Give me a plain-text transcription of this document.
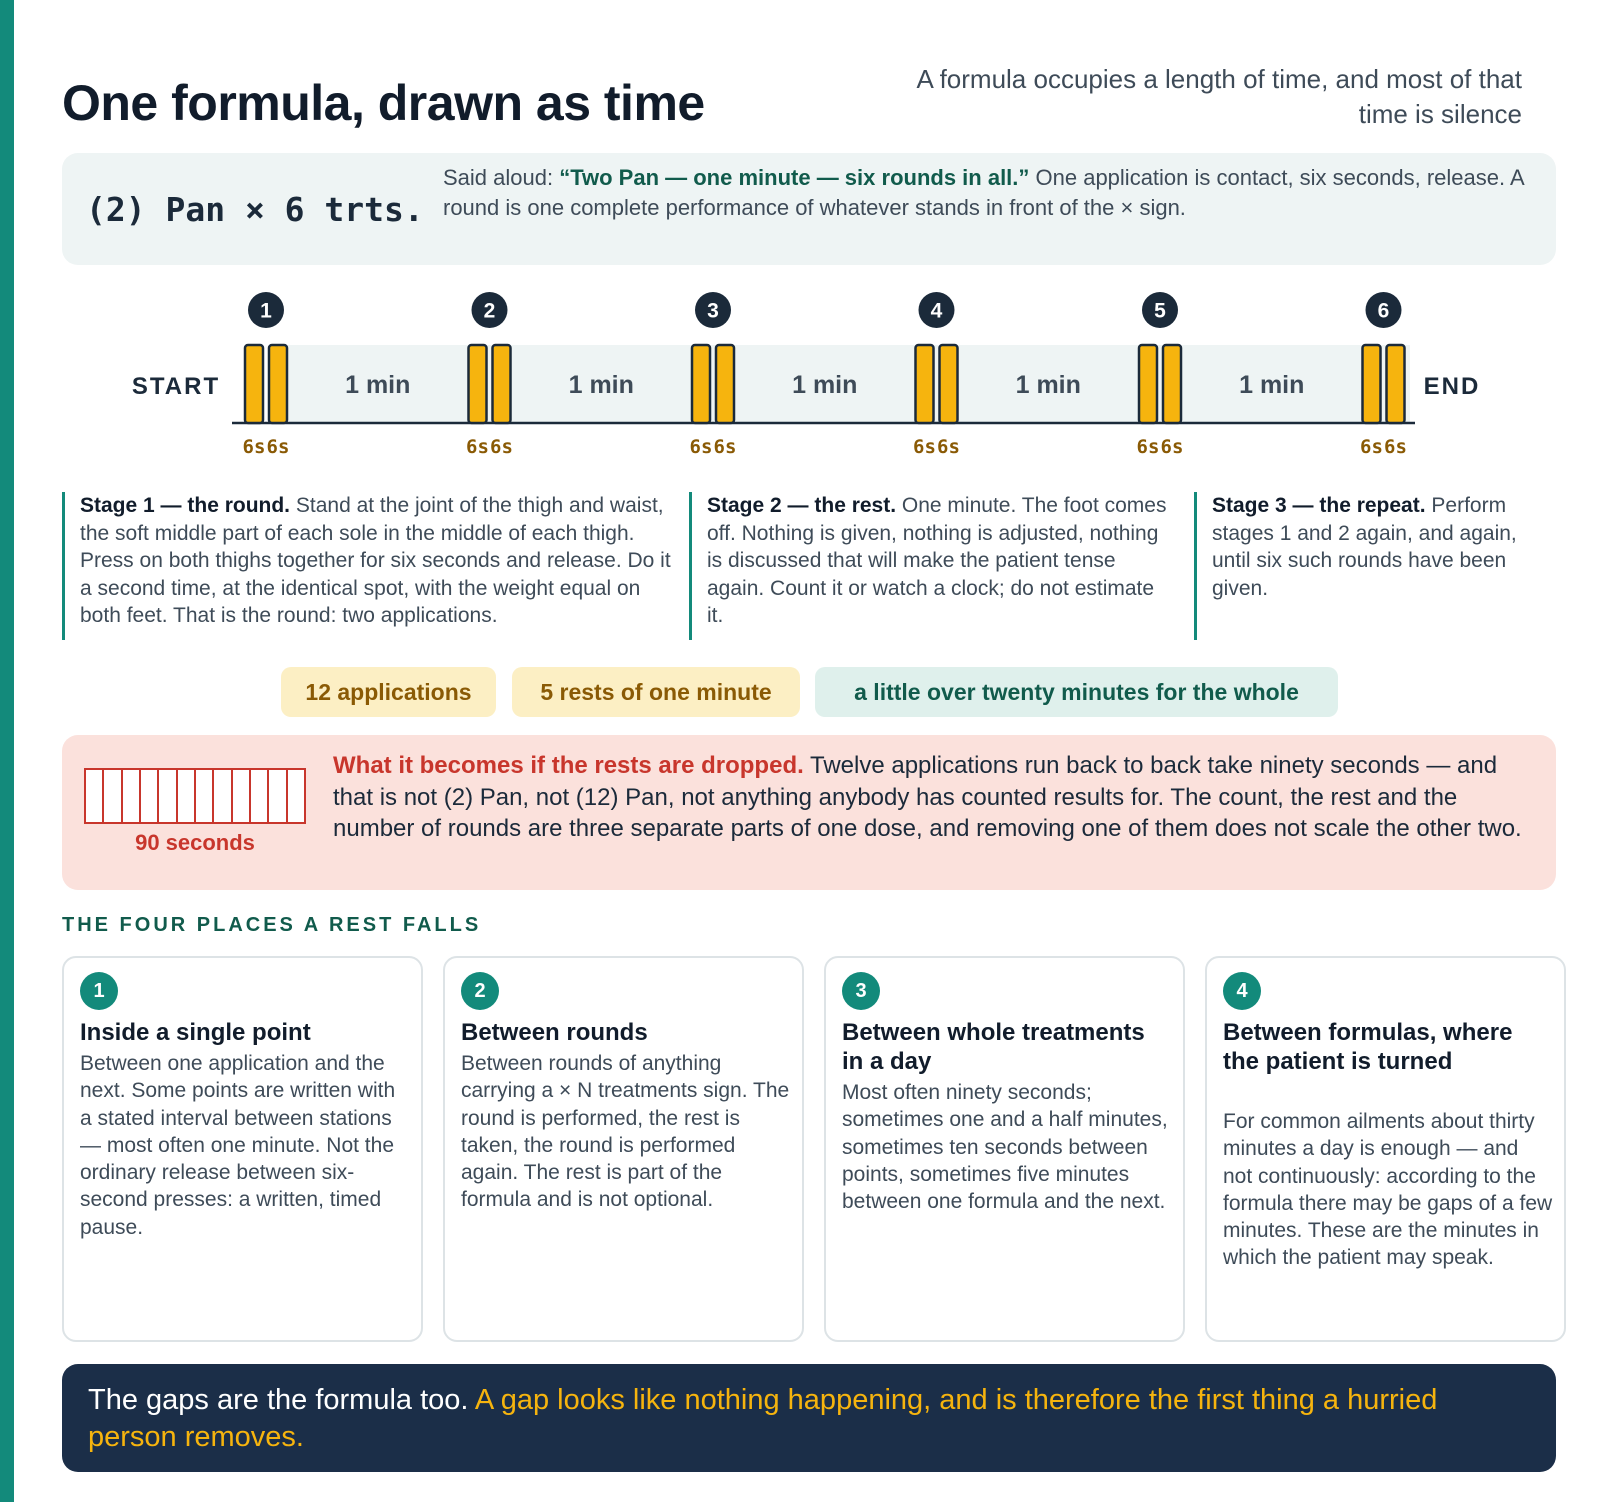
One formula, drawn as time	A formula occupies a length of time, and most of that time is silence
(2) Pan × 6 trts.
Said aloud: “Two Pan — one minute — six rounds in all.” One application is contact, six seconds, release. A round is one complete performance of whatever stands in front of the × sign.
START	END
1
6s 6s
1 min
2
6s 6s
1 min
3
6s 6s
1 min
4
6s 6s
1 min
5
6s 6s
1 min
6
6s 6s
Stage 1 — the round. Stand at the joint of the thigh and waist, the soft middle part of each sole in the middle of each thigh. Press on both thighs together for six seconds and release. Do it a second time, at the identical spot, with the weight equal on both feet. That is the round: two applications.
Stage 2 — the rest. One minute. The foot comes off. Nothing is given, nothing is adjusted, nothing is discussed that will make the patient tense again. Count it or watch a clock; do not estimate it.
Stage 3 — the repeat. Perform stages 1 and 2 again, and again, until six such rounds have been given.
12 applications	5 rests of one minute	a little over twenty minutes for the whole
90 seconds
What it becomes if the rests are dropped. Twelve applications run back to back take ninety seconds — and that is not (2) Pan, not (12) Pan, not anything anybody has counted results for. The count, the rest and the number of rounds are three separate parts of one dose, and removing one of them does not scale the other two.
THE FOUR PLACES A REST FALLS
1
Inside a single point
Between one application and the next. Some points are written with a stated interval between stations — most often one minute. Not the ordinary release between six-second presses: a written, timed pause.
2
Between rounds
Between rounds of anything carrying a × N treatments sign. The round is performed, the rest is taken, the round is performed again. The rest is part of the formula and is not optional.
3
Between whole treatments in a day
Most often ninety seconds; sometimes one and a half minutes, sometimes ten seconds between points, sometimes five minutes between one formula and the next.
4
Between formulas, where the patient is turned
For common ailments about thirty minutes a day is enough — and not continuously: according to the formula there may be gaps of a few minutes. These are the minutes in which the patient may speak.
The gaps are the formula too. A gap looks like nothing happening, and is therefore the first thing a hurried person removes.
